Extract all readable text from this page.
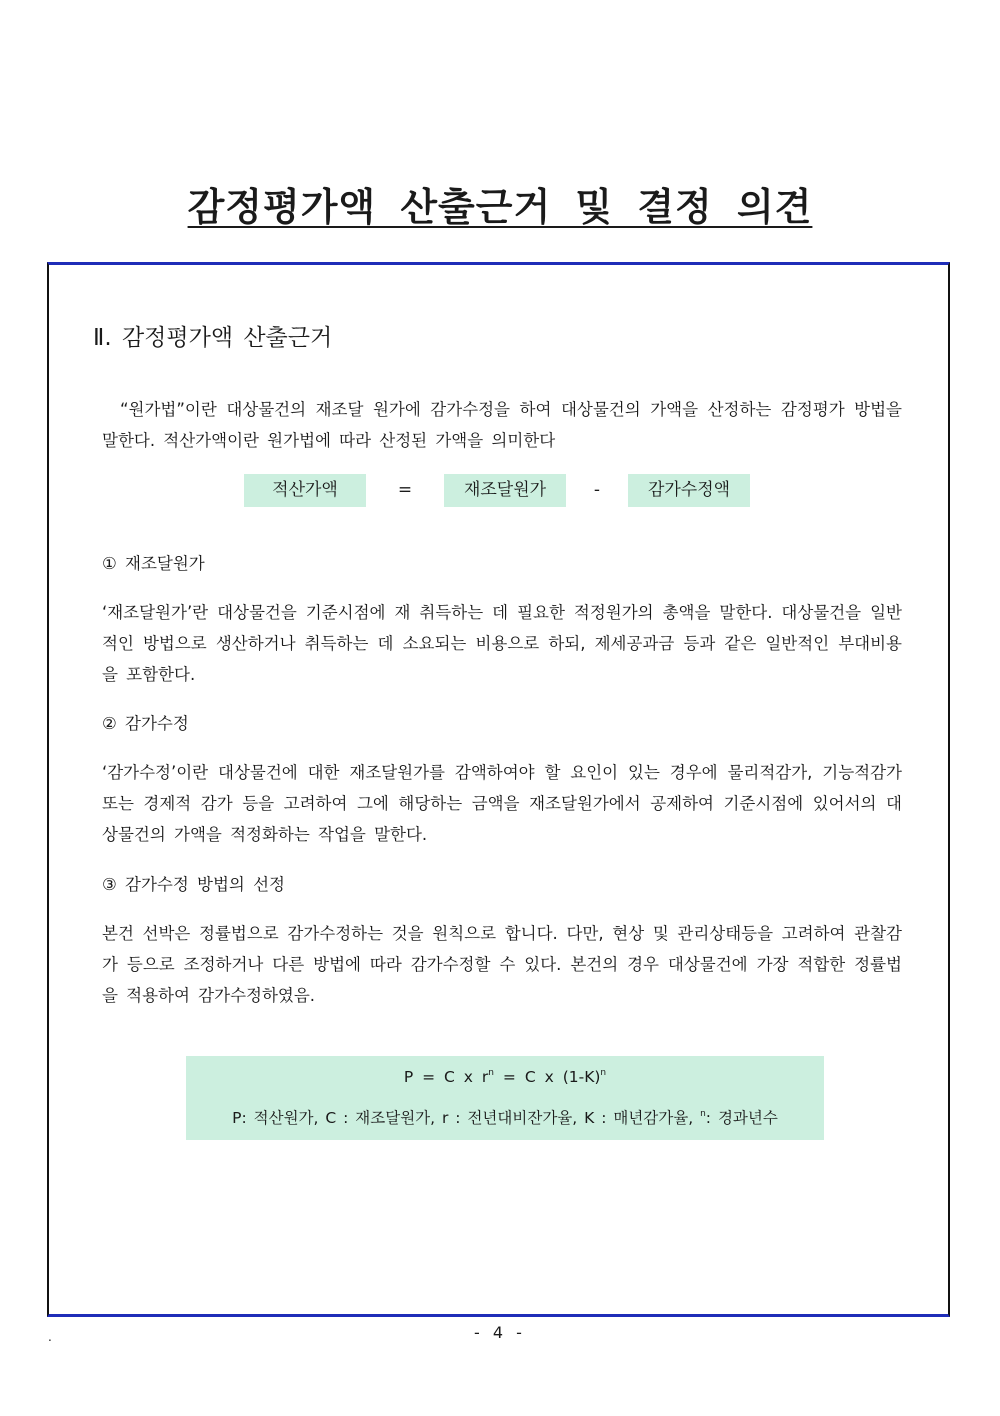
감정평가액 산출근거 및 결정 의견
Ⅱ. 감정평가액 산출근거

“원가법”이란 대상물건의 재조달 원가에 감가수정을 하여 대상물건의 가액을 산정하는 감정평가 방법을 말한다. 적산가액이란 원가법에 따라 산정된 가액을 의미한다

적산가액	=	재조달원가	-	감가수정액
① 재조달원가

‘재조달원가’란 대상물건을 기준시점에 재 취득하는 데 필요한 적정원가의 총액을 말한다. 대상물건을 일반적인 방법으로 생산하거나 취득하는 데 소요되는 비용으로 하되, 제세공과금 등과 같은 일반적인 부대비용을 포함한다.

② 감가수정

‘감가수정’이란 대상물건에 대한 재조달원가를 감액하여야 할 요인이 있는 경우에 물리적감가, 기능적감가 또는 경제적 감가 등을 고려하여 그에 해당하는 금액을 재조달원가에서 공제하여 기준시점에 있어서의 대상물건의 가액을 적정화하는 작업을 말한다.

③ 감가수정 방법의 선정

본건 선박은 정률법으로 감가수정하는 것을 원칙으로 합니다. 다만, 현상 및 관리상태등을 고려하여 관찰감가 등으로 조정하거나 다른 방법에 따라 감가수정할 수 있다. 본건의 경우 대상물건에 가장 적합한 정률법을 적용하여 감가수정하였음.

P = C x $r^n = C$ x $(1-K)^n$
P: 적산원가, C : 재조달원가, r : 전년대비잔가율, K : 매년감가율, $^n$: 경과년수
- 4 -
.
